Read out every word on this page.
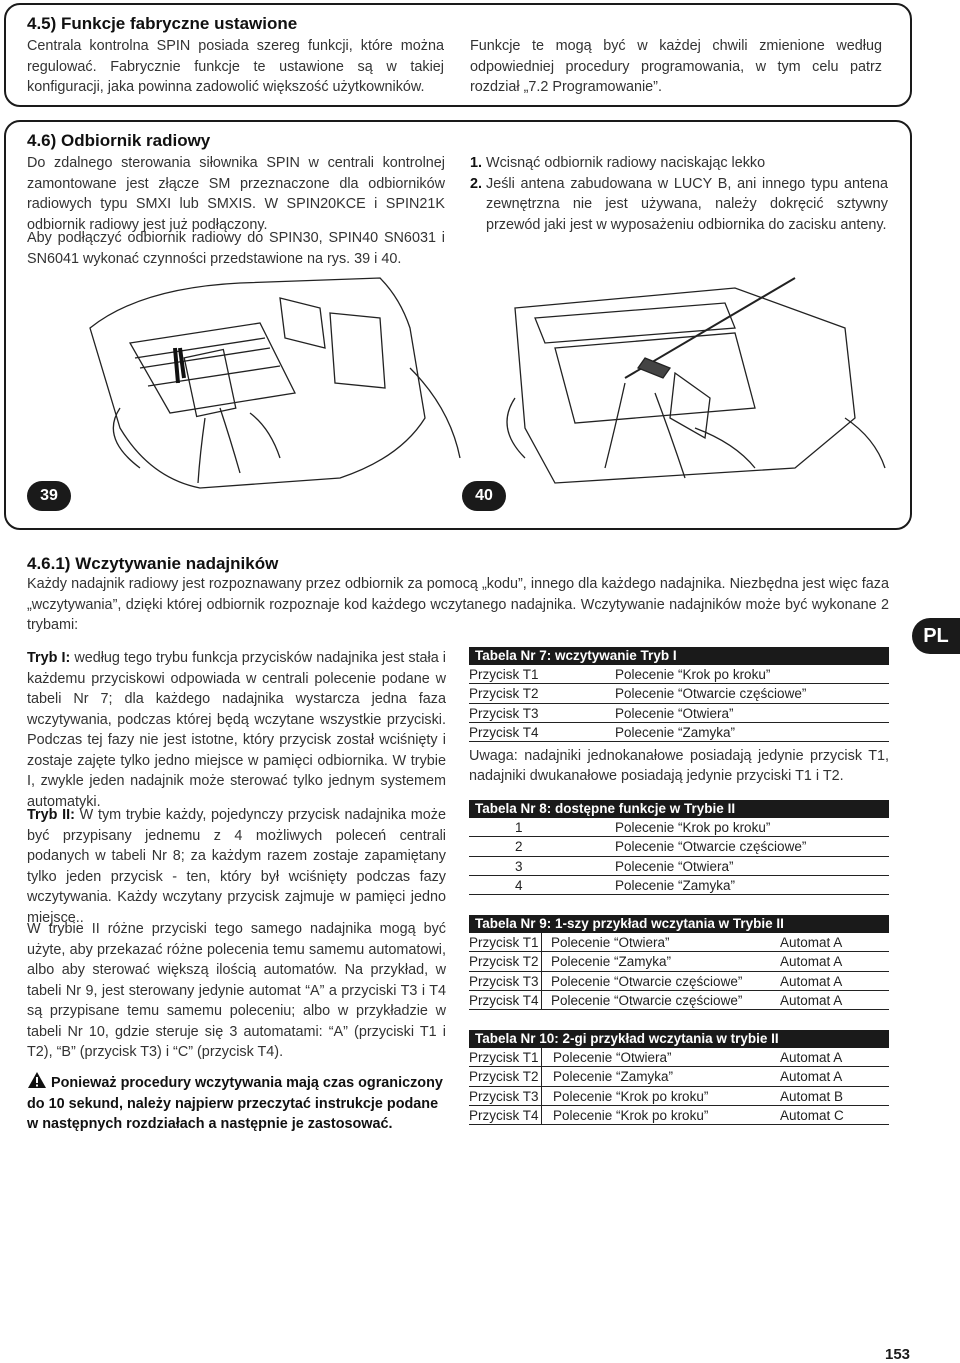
4.5) Funkcje fabryczne ustawione
Centrala kontrolna SPIN posiada szereg funkcji, które można regulować. Fabrycznie funkcje te ustawione są w takiej konfiguracji, jaka powinna zadowolić większość użytkowników.
Funkcje te mogą być w każdej chwili zmienione według odpowiedniej procedury programowania, w tym celu patrz rozdział „7.2 Programowanie”.
4.6) Odbiornik radiowy
Do zdalnego sterowania siłownika SPIN w centrali kontrolnej zamontowane jest złącze SM przeznaczone dla odbiorników radiowych typu SMXI lub SMXIS. W SPIN20KCE i SPIN21K odbiornik radiowy jest już podłączony.
Aby podłączyć odbiornik radiowy do SPIN30, SPIN40 SN6031 i SN6041 wykonać czynności przedstawione na rys. 39 i 40.
1. Wcisnąć odbiornik radiowy naciskając lekko
2. Jeśli antena zabudowana w LUCY B, ani innego typu antena zewnętrzna nie jest używana, należy dokręcić sztywny przewód jaki jest w wyposażeniu odbiornika do zacisku anteny.
39	40
4.6.1) Wczytywanie nadajników
Każdy nadajnik radiowy jest rozpoznawany przez odbiornik za pomocą „kodu”, innego dla każdego nadajnika. Niezbędna jest więc faza „wczytywania”, dzięki której odbiornik rozpoznaje kod każdego wczytanego nadajnika. Wczytywanie nadajników może być wykonane 2 trybami:
Tryb I: według tego trybu funkcja przycisków nadajnika jest stała i każdemu przyciskowi odpowiada w centrali polecenie podane w tabeli Nr 7; dla każdego nadajnika wystarcza jedna faza wczytywania, podczas której będą wczytane wszystkie przyciski. Podczas tej fazy nie jest istotne, który przycisk został wciśnięty i zostaje zajęte tylko jedno miejsce w pamięci odbiornika. W trybie I, zwykle jeden nadajnik może sterować tylko jednym systemem automatyki.
Tryb II: W tym trybie każdy, pojedynczy przycisk nadajnika może być przypisany jednemu z 4 możliwych poleceń centrali podanych w tabeli Nr 8; za każdym razem zostaje zapamiętany tylko jeden przycisk - ten, który był wciśnięty podczas fazy wczytywania. Każdy wczytany przycisk zajmuje w pamięci jedno miejsce..
W trybie II różne przyciski tego samego nadajnika mogą być użyte, aby przekazać różne polecenia temu samemu automatowi, albo aby sterować większą ilością automatów. Na przykład, w tabeli Nr 9, jest sterowany jedynie automat “A” a przyciski T3 i T4 są przypisane temu samemu poleceniu; albo w przykładzie w tabeli Nr 10, gdzie steruje się 3 automatami: “A” (przyciski T1 i T2), “B” (przycisk T3) i “C” (przycisk T4).
Ponieważ procedury wczytywania mają czas ograniczony do 10 sekund, należy najpierw przeczytać instrukcje podane w następnych rozdziałach a następnie je zastosować.
Tabela Nr 7: wczytywanie Tryb I
Przycisk T1	Polecenie “Krok po kroku”
Przycisk T2	Polecenie “Otwarcie częściowe”
Przycisk T3	Polecenie “Otwiera”
Przycisk T4	Polecenie “Zamyka”
Uwaga: nadajniki jednokanałowe posiadają jedynie przycisk T1, nadajniki dwukanałowe posiadają jedynie przyciski T1 i T2.
Tabela Nr 8: dostępne funkcje w Trybie II
1	Polecenie “Krok po kroku”
2	Polecenie “Otwarcie częściowe”
3	Polecenie “Otwiera”
4	Polecenie “Zamyka”
Tabela Nr 9: 1-szy przykład wczytania w Trybie II
Przycisk T1 Polecenie “Otwiera”	Automat A
Przycisk T2 Polecenie “Zamyka”	Automat A
Przycisk T3 Polecenie “Otwarcie częściowe”	Automat A
Przycisk T4 Polecenie “Otwarcie częściowe”	Automat A
Tabela Nr 10: 2-gi przykład wczytania w trybie II
Przycisk T1 Polecenie “Otwiera”	Automat A
Przycisk T2 Polecenie “Zamyka”	Automat A
Przycisk T3 Polecenie “Krok po kroku”	Automat B
Przycisk T4 Polecenie “Krok po kroku”	Automat C
PL
153
